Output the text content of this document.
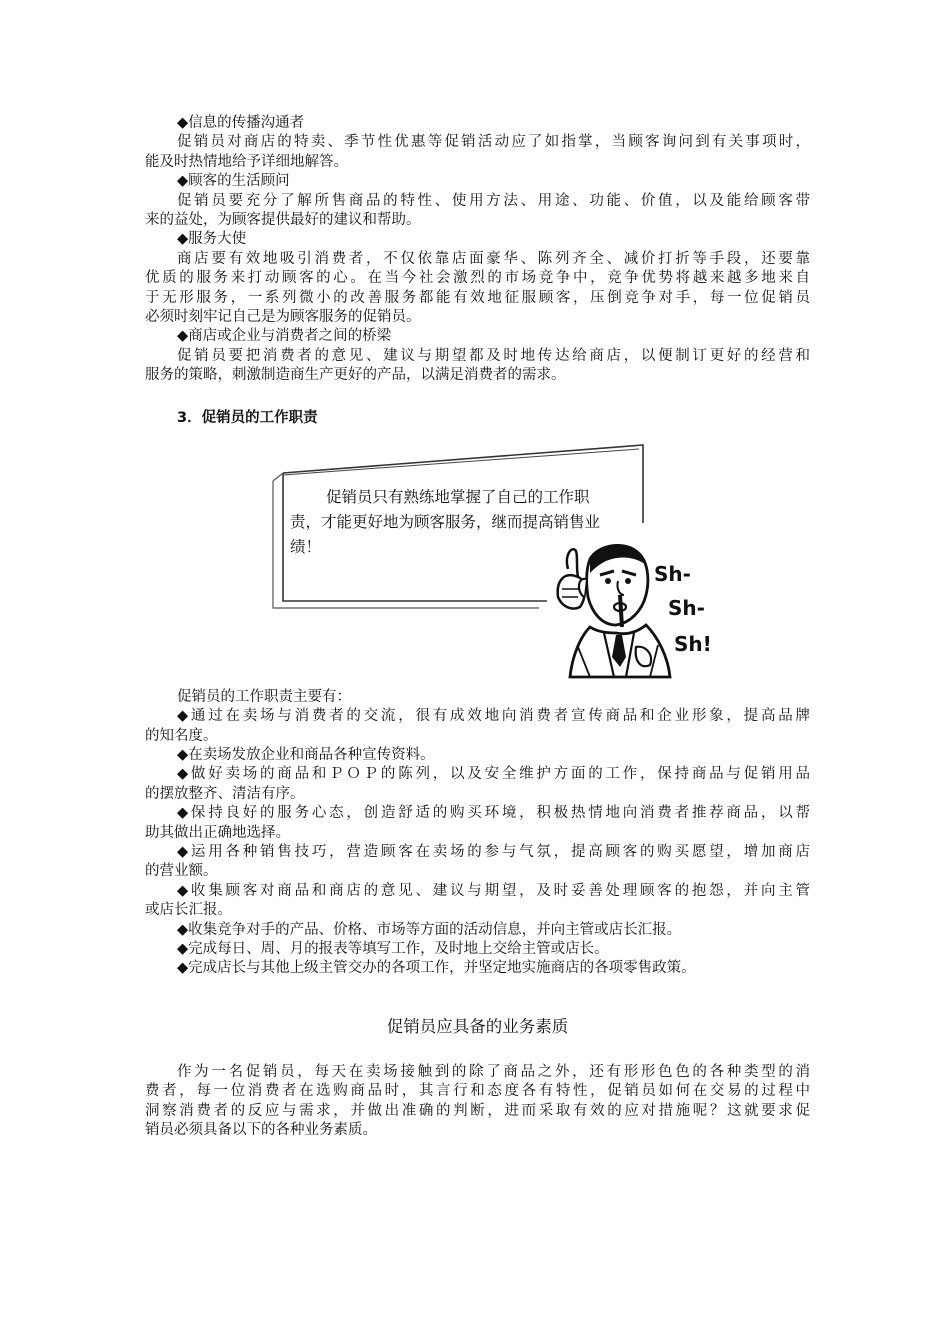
◆信息的传播沟通者

促销员对商店的特卖、季节性优惠等促销活动应了如指掌，当顾客询问到有关事项时，

能及时热情地给予详细地解答。

◆顾客的生活顾问

促销员要充分了解所售商品的特性、使用方法、用途、功能、价值，以及能给顾客带

来的益处，为顾客提供最好的建议和帮助。

◆服务大使

商店要有效地吸引消费者，不仅依靠店面豪华、陈列齐全、减价打折等手段，还要靠

优质的服务来打动顾客的心。在当今社会激烈的市场竞争中，竞争优势将越来越多地来自

于无形服务，一系列微小的改善服务都能有效地征服顾客，压倒竞争对手，每一位促销员

必须时刻牢记自己是为顾客服务的促销员。

◆商店或企业与消费者之间的桥梁

促销员要把消费者的意见、建议与期望都及时地传达给商店，以便制订更好的经营和

服务的策略，刺激制造商生产更好的产品，以满足消费者的需求。

3．促销员的工作职责
促销员只有熟练地掌握了自己的工作职
责，才能更好地为顾客服务，继而提高销售业
绩！
Sh-
Sh-
Sh!

促销员的工作职责主要有：

◆通过在卖场与消费者的交流，很有成效地向消费者宣传商品和企业形象，提高品牌

的知名度。

◆在卖场发放企业和商品各种宣传资料。

◆做好卖场的商品和ＰＯＰ的陈列，以及安全维护方面的工作，保持商品与促销用品

的摆放整齐、清洁有序。

◆保持良好的服务心态，创造舒适的购买环境，积极热情地向消费者推荐商品，以帮

助其做出正确地选择。

◆运用各种销售技巧，营造顾客在卖场的参与气氛，提高顾客的购买愿望，增加商店

的营业额。

◆收集顾客对商品和商店的意见、建议与期望，及时妥善处理顾客的抱怨，并向主管

或店长汇报。

◆收集竞争对手的产品、价格、市场等方面的活动信息，并向主管或店长汇报。

◆完成每日、周、月的报表等填写工作，及时地上交给主管或店长。

◆完成店长与其他上级主管交办的各项工作，并坚定地实施商店的各项零售政策。

促销员应具备的业务素质

作为一名促销员，每天在卖场接触到的除了商品之外，还有形形色色的各种类型的消

费者，每一位消费者在选购商品时，其言行和态度各有特性，促销员如何在交易的过程中

洞察消费者的反应与需求，并做出准确的判断，进而采取有效的应对措施呢？这就要求促

销员必须具备以下的各种业务素质。
